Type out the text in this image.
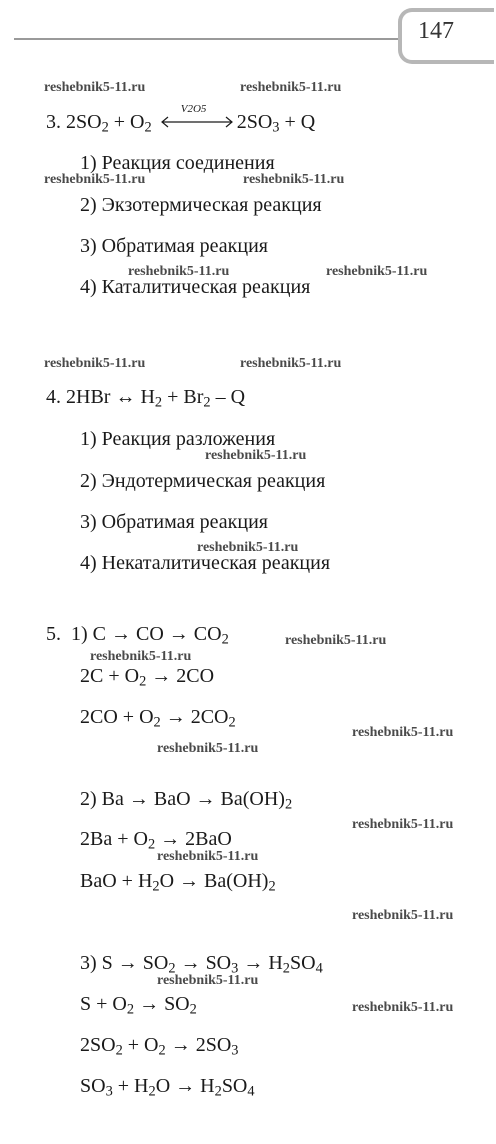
147
reshebnik5-11.ru	reshebnik5-11.ru
reshebnik5-11.ru	reshebnik5-11.ru
reshebnik5-11.ru	reshebnik5-11.ru
reshebnik5-11.ru	reshebnik5-11.ru
reshebnik5-11.ru
reshebnik5-11.ru
reshebnik5-11.ru
reshebnik5-11.ru
reshebnik5-11.ru
reshebnik5-11.ru
reshebnik5-11.ru
reshebnik5-11.ru
reshebnik5-11.ru
reshebnik5-11.ru
reshebnik5-11.ru
3. $2SO_2 + O_2$
V2O5
$2SO_3 + Q$
1) Реакция соединения
2) Экзотермическая реакция
3) Обратимая реакция
4) Каталитическая реакция
4. 2HBr ↔ $H_2 + Br_2 - Q$
1) Реакция разложения
2) Эндотермическая реакция
3) Обратимая реакция
4) Некаталитическая реакция
5. 1) C → CO → $CO_2$
$2C + O_2 \to 2CO$
$2CO + O_2 \to 2CO_2$
2) Ba → BaO → $Ba(OH)_2$
$2Ba + O_2 \to 2BaO$
BaO + $H_2O \to Ba(OH)_2$
3) $S \to SO_2 \to SO_3 \to H_2SO_4$
$S + O_2 \to SO_2$
$2SO_2 + O_2 \to 2SO_3$
$SO_3 + H_2O \to H_2SO_4$
